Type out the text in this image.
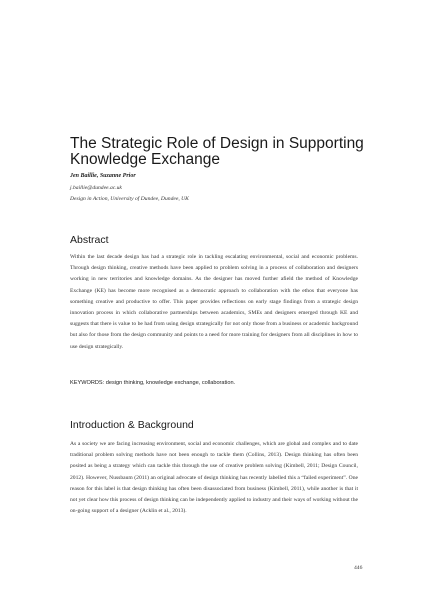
The Strategic Role of Design in Supporting Knowledge Exchange
Jen Baillie, Suzanne Prior
j.baillie@dundee.ac.uk
Design in Action, University of Dundee, Dundee, UK
Abstract

Within the last decade design has had a strategic role in tackling escalating environmental, social and economic problems. Through design thinking, creative methods have been applied to problem solving in a process of collaboration and designers working in new territories and knowledge domains. As the designer has moved further afield the method of Knowledge Exchange (KE) has become more recognised as a democratic approach to collaboration with the ethos that everyone has something creative and productive to offer. This paper provides reflections on early stage findings from a strategic design innovation process in which collaborative partnerships between academics, SMEs and designers emerged through KE and suggests that there is value to be had from using design strategically for not only those from a business or academic background but also for those from the design community and points to a need for more training for designers from all disciplines in how to use design strategically.

KEYWORDS: design thinking, knowledge exchange, collaboration.
Introduction & Background

As a society we are facing increasing environment, social and economic challenges, which are global and complex and to date traditional problem solving methods have not been enough to tackle them (Collins, 2013). Design thinking has often been posited as being a strategy which can tackle this through the use of creative problem solving (Kimbell, 2011; Design Council, 2012). However, Nussbaum (2011) an original advocate of design thinking has recently labelled this a “failed experiment”. One reason for this label is that design thinking has often been disassociated from business (Kimbell, 2011), while another is that it not yet clear how this process of design thinking can be independently applied to industry and their ways of working without the on-going support of a designer (Acklin et al., 2013).

446
